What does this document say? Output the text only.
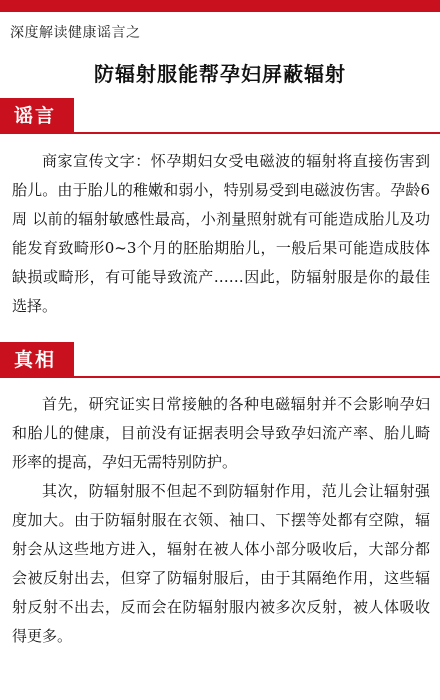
深度解读健康谣言之
防辐射服能帮孕妇屏蔽辐射
谣言

商家宣传文字：怀孕期妇女受电磁波的辐射将直接伤害到胎儿。由于胎儿的稚嫩和弱小，特别易受到电磁波伤害。孕龄6周 以前的辐射敏感性最高，小剂量照射就有可能造成胎儿及功能发育致畸形0~3个月的胚胎期胎儿，一般后果可能造成肢体缺损或畸形，有可能导致流产……因此，防辐射服是你的最佳选择。

真相

首先，研究证实日常接触的各种电磁辐射并不会影响孕妇和胎儿的健康，目前没有证据表明会导致孕妇流产率、胎儿畸形率的提高，孕妇无需特别防护。

其次，防辐射服不但起不到防辐射作用，范儿会让辐射强度加大。由于防辐射服在衣领、袖口、下摆等处都有空隙，辐射会从这些地方进入，辐射在被人体小部分吸收后，大部分都会被反射出去，但穿了防辐射服后，由于其隔绝作用，这些辐射反射不出去，反而会在防辐射服内被多次反射，被人体吸收得更多。
